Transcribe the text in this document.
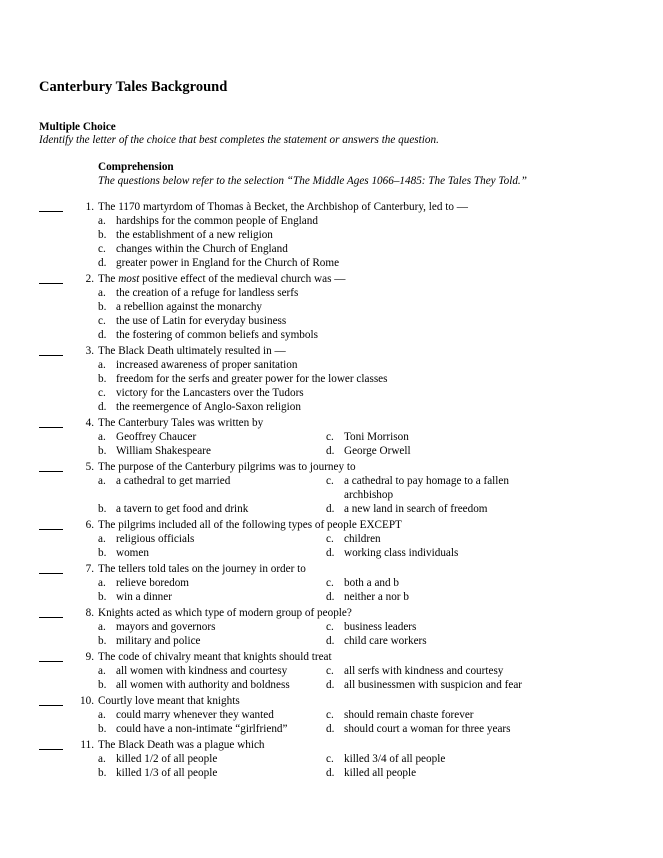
Canterbury Tales Background
Multiple Choice
Identify the letter of the choice that best completes the statement or answers the question.
Comprehension
The questions below refer to the selection “The Middle Ages 1066–1485: The Tales They Told.”
1. The 1170 martyrdom of Thomas à Becket, the Archbishop of Canterbury, led to —
a. hardships for the common people of England
b. the establishment of a new religion
c. changes within the Church of England
d. greater power in England for the Church of Rome
2. The most positive effect of the medieval church was —
a. the creation of a refuge for landless serfs
b. a rebellion against the monarchy
c. the use of Latin for everyday business
d. the fostering of common beliefs and symbols
3. The Black Death ultimately resulted in —
a. increased awareness of proper sanitation
b. freedom for the serfs and greater power for the lower classes
c. victory for the Lancasters over the Tudors
d. the reemergence of Anglo-Saxon religion
4. The Canterbury Tales was written by
a. Geoffrey Chaucer	c. Toni Morrison
b. William Shakespeare	d. George Orwell
5. The purpose of the Canterbury pilgrims was to journey to
a. a cathedral to get married	c. a cathedral to pay homage to a fallen archbishop
b. a tavern to get food and drink	d. a new land in search of freedom
6. The pilgrims included all of the following types of people EXCEPT
a. religious officials	c. children
b. women	d. working class individuals
7. The tellers told tales on the journey in order to
a. relieve boredom	c. both a and b
b. win a dinner	d. neither a nor b
8. Knights acted as which type of modern group of people?
a. mayors and governors	c. business leaders
b. military and police	d. child care workers
9. The code of chivalry meant that knights should treat
a. all women with kindness and courtesy	c. all serfs with kindness and courtesy
b. all women with authority and boldness	d. all businessmen with suspicion and fear
10. Courtly love meant that knights
a. could marry whenever they wanted	c. should remain chaste forever
b. could have a non-intimate “girlfriend”	d. should court a woman for three years
11. The Black Death was a plague which
a. killed 1/2 of all people	c. killed 3/4 of all people
b. killed 1/3 of all people	d. killed all people
